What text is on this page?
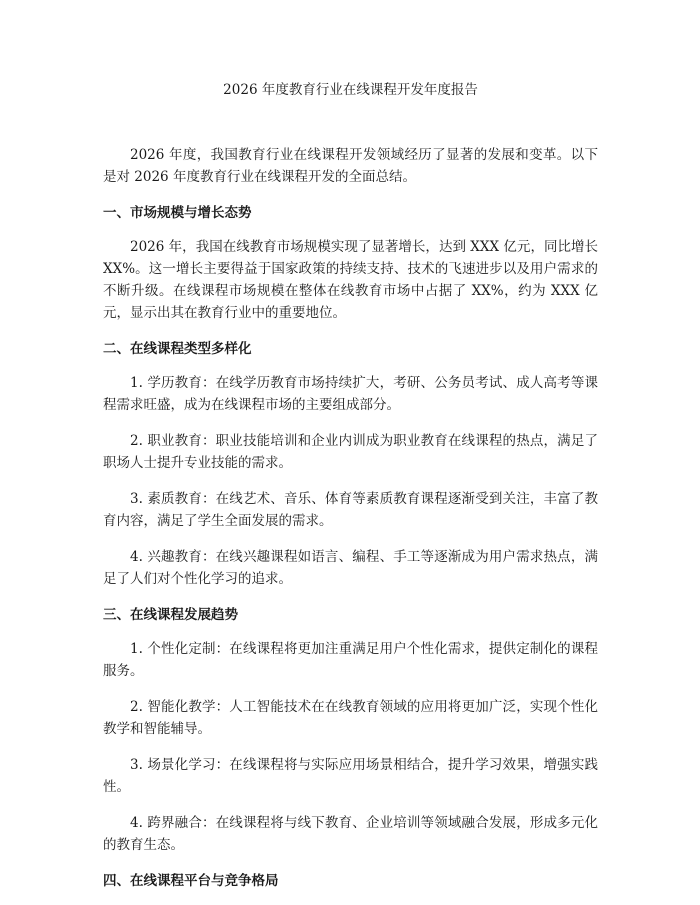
2026 年度教育行业在线课程开发年度报告

2026 年度，我国教育行业在线课程开发领域经历了显著的发展和变革。以下是对 2026 年度教育行业在线课程开发的全面总结。

一、市场规模与增长态势

2026 年，我国在线教育市场规模实现了显著增长，达到 XXX 亿元，同比增长 XX%。这一增长主要得益于国家政策的持续支持、技术的飞速进步以及用户需求的不断升级。在线课程市场规模在整体在线教育市场中占据了 XX%，约为 XXX 亿元，显示出其在教育行业中的重要地位。

二、在线课程类型多样化

1. 学历教育：在线学历教育市场持续扩大，考研、公务员考试、成人高考等课程需求旺盛，成为在线课程市场的主要组成部分。

2. 职业教育：职业技能培训和企业内训成为职业教育在线课程的热点，满足了职场人士提升专业技能的需求。

3. 素质教育：在线艺术、音乐、体育等素质教育课程逐渐受到关注，丰富了教育内容，满足了学生全面发展的需求。

4. 兴趣教育：在线兴趣课程如语言、编程、手工等逐渐成为用户需求热点，满足了人们对个性化学习的追求。

三、在线课程发展趋势

1. 个性化定制：在线课程将更加注重满足用户个性化需求，提供定制化的课程服务。

2. 智能化教学：人工智能技术在在线教育领域的应用将更加广泛，实现个性化教学和智能辅导。

3. 场景化学习：在线课程将与实际应用场景相结合，提升学习效果，增强实践性。

4. 跨界融合：在线课程将与线下教育、企业培训等领域融合发展，形成多元化的教育生态。

四、在线课程平台与竞争格局
